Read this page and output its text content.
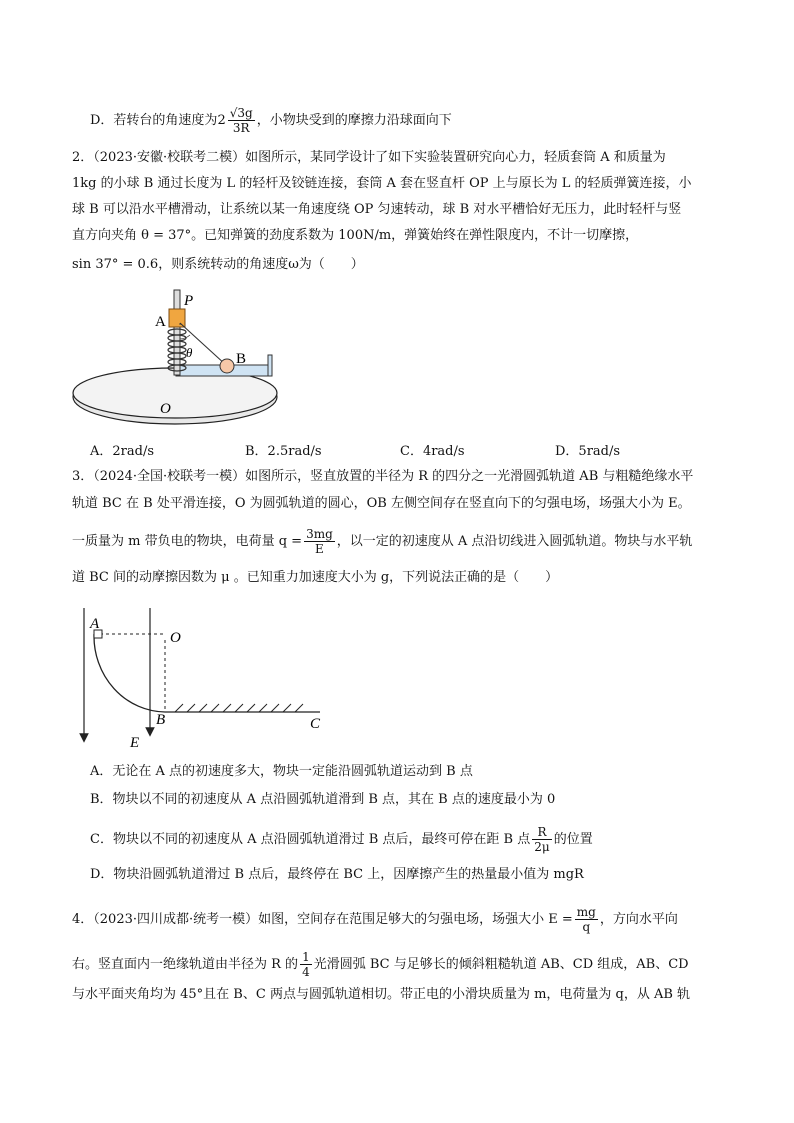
D．若转台的角速度为$2 \frac{√3g}{3R}$ ，小物块受到的摩擦力沿球面向下
2．（2023·安徽·校联考二模）如图所示，某同学设计了如下实验装置研究向心力，轻质套筒 A 和质量为
1kg 的小球 B 通过长度为 L 的轻杆及铰链连接，套筒 A 套在竖直杆 OP 上与原长为 L 的轻质弹簧连接，小
球 B 可以沿水平槽滑动，让系统以某一角速度绕 OP 匀速转动，球 B 对水平槽恰好无压力，此时轻杆与竖
直方向夹角 θ = 37°。已知弹簧的劲度系数为 100N/m，弹簧始终在弹性限度内，不计一切摩擦，
sin 37° = 0.6，则系统转动的角速度ω为（　　）
P
A
θ	B
O
A．2rad/s	B．2.5rad/s	C．4rad/s	D．5rad/s
3．（2024·全国·校联考一模）如图所示，竖直放置的半径为 R 的四分之一光滑圆弧轨道 AB 与粗糙绝缘水平
轨道 BC 在 B 处平滑连接，O 为圆弧轨道的圆心，OB 左侧空间存在竖直向下的匀强电场，场强大小为 E。
一质量为 m 带负电的物块，电荷量 $q = \frac{3mg}{E}$ ，以一定的初速度从 A 点沿切线进入圆弧轨道。物块与水平轨
道 BC 间的动摩擦因数为 μ 。已知重力加速度大小为 g，下列说法正确的是（　　）
A
O
B	C
E
A．无论在 A 点的初速度多大，物块一定能沿圆弧轨道运动到 B 点
B．物块以不同的初速度从 A 点沿圆弧轨道滑到 B 点，其在 B 点的速度最小为 0
C．物块以不同的初速度从 A 点沿圆弧轨道滑过 B 点后，最终可停在距 B 点 $\frac{R}{2\mu}$ 的位置
D．物块沿圆弧轨道滑过 B 点后，最终停在 BC 上，因摩擦产生的热量最小值为 mgR
4．（2023·四川成都·统考一模）如图，空间存在范围足够大的匀强电场，场强大小 $E = \frac{mg}{q}$ ，方向水平向
右。竖直面内一绝缘轨道由半径为 R 的 $\frac{1}{4}$ 光滑圆弧 BC 与足够长的倾斜粗糙轨道 AB、CD 组成，AB、CD
与水平面夹角均为 45°且在 B、C 两点与圆弧轨道相切。带正电的小滑块质量为 m，电荷量为 q，从 AB 轨
